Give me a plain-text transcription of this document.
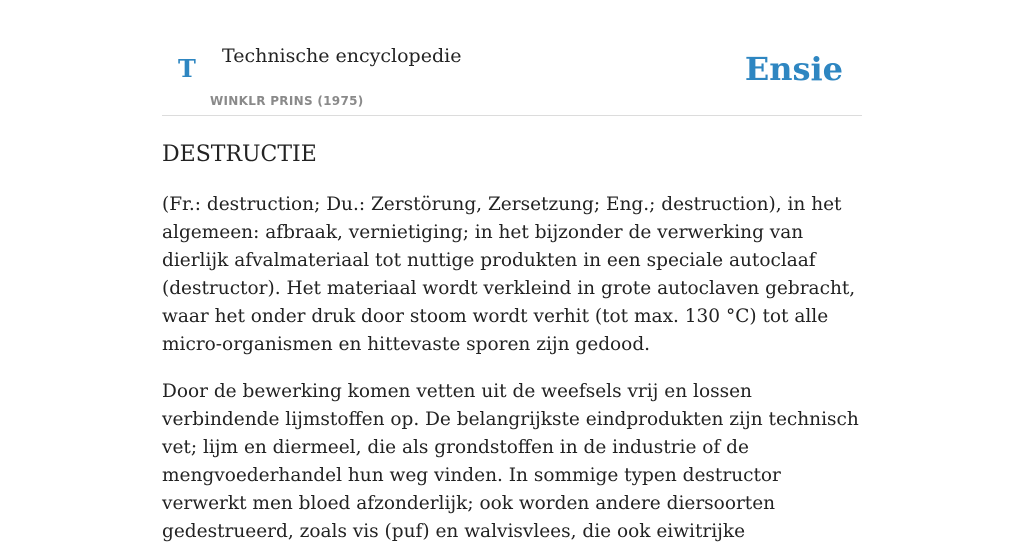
T Technische encyclopedie
WINKLR PRINS (1975)
Ensie
DESTRUCTIE

(Fr.: destruction; Du.: Zerstörung, Zersetzung; Eng.; destruction), in het algemeen: afbraak, vernietiging; in het bijzonder de verwerking van dierlijk afvalmateriaal tot nuttige produkten in een speciale autoclaaf (destructor). Het materiaal wordt verkleind in grote autoclaven gebracht, waar het onder druk door stoom wordt verhit (tot max. 130 °C) tot alle micro-organismen en hittevaste sporen zijn gedood.

Door de bewerking komen vetten uit de weefsels vrij en lossen verbindende lijmstoffen op. De belangrijkste eindprodukten zijn technisch vet; lijm en diermeel, die als grondstoffen in de industrie of de mengvoederhandel hun weg vinden. In sommige typen destructor verwerkt men bloed afzonderlijk; ook worden andere diersoorten gedestrueerd, zoals vis (puf) en walvisvlees, die ook eiwitrijke
